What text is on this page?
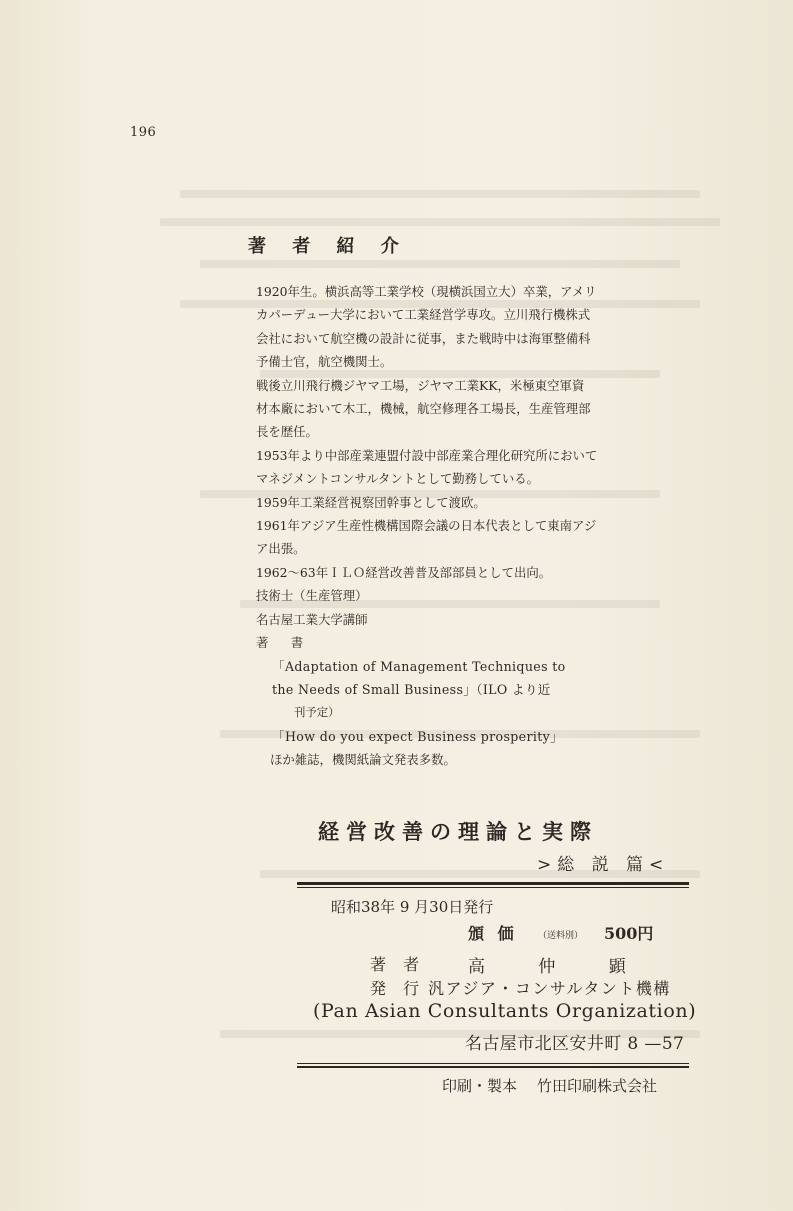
196
著 者 紹 介
1920年生。横浜高等工業学校（現横浜国立大）卒業，アメリ
カパーデュー大学において工業経営学専攻。立川飛行機株式
会社において航空機の設計に従事，また戦時中は海軍整備科
予備士官，航空機関士。
戦後立川飛行機ジヤマ工場，ジヤマ工業KK，米極東空軍資
材本廠において木工，機械，航空修理各工場長，生産管理部
長を歴任。
1953年より中部産業連盟付設中部産業合理化研究所において
マネジメントコンサルタントとして勤務している。
1959年工業経営視察団幹事として渡欧。
1961年アジア生産性機構国際会議の日本代表として東南アジ
ア出張。
1962～63年ＩＬＯ経営改善普及部部員として出向。
技術士（生産管理）
名古屋工業大学講師
著　書
「Adaptation of Management Techniques to
the Needs of Small Business」（ILO より近
刊予定）
「How do you expect Business prosperity」
ほか雑誌，機関紙論文発表多数。
経営改善の理論と実際
>総 説 篇<
昭和38年 9 月30日発行
頒 価 （送料別） 500円
著 者	高 仲 顕
発 行 汎アジア・コンサルタント機構
(Pan Asian Consultants Organization)
名古屋市北区安井町 8 —57
印刷・製本 竹田印刷株式会社
